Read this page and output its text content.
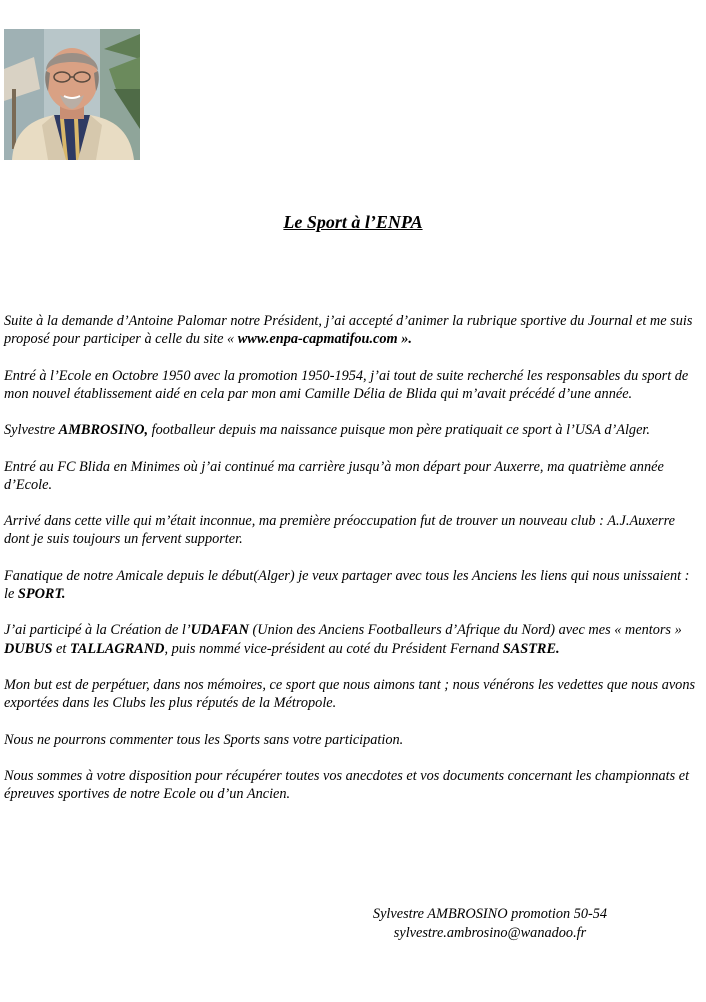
Le Sport à l’ENPA

Suite à la demande d’Antoine Palomar notre Président, j’ai accepté d’animer la rubrique sportive du Journal et me suis proposé pour participer à celle du site « www.enpa-capmatifou.com ».

Entré à l’Ecole en Octobre 1950 avec la promotion 1950-1954, j’ai tout de suite recherché les responsables du sport de mon nouvel établissement aidé en cela par mon ami Camille Délia de Blida qui m’avait précédé d’une année.

Sylvestre AMBROSINO, footballeur depuis ma naissance puisque mon père pratiquait ce sport à l’USA d’Alger.

Entré au FC Blida en Minimes où j’ai continué ma carrière jusqu’à mon départ pour Auxerre, ma quatrième année d’Ecole.

Arrivé dans cette ville qui m’était inconnue, ma première préoccupation fut de trouver un nouveau club : A.J.Auxerre dont je suis toujours un fervent supporter.

Fanatique de notre Amicale depuis le début(Alger) je veux partager avec tous les Anciens les liens qui nous unissaient : le SPORT.

J’ai participé à la Création de l’UDAFAN (Union des Anciens Footballeurs d’Afrique du Nord) avec mes « mentors » DUBUS et TALLAGRAND, puis nommé vice-président au coté du Président Fernand SASTRE.

Mon but est de perpétuer, dans nos mémoires, ce sport que nous aimons tant ; nous vénérons les vedettes que nous avons exportées dans les Clubs les plus réputés de la Métropole.

Nous ne pourrons commenter tous les Sports sans votre participation.

Nous sommes à votre disposition pour récupérer toutes vos anecdotes et vos documents concernant les championnats et épreuves sportives de notre Ecole ou d’un Ancien.

Sylvestre AMBROSINO promotion 50-54
sylvestre.ambrosino@wanadoo.fr
